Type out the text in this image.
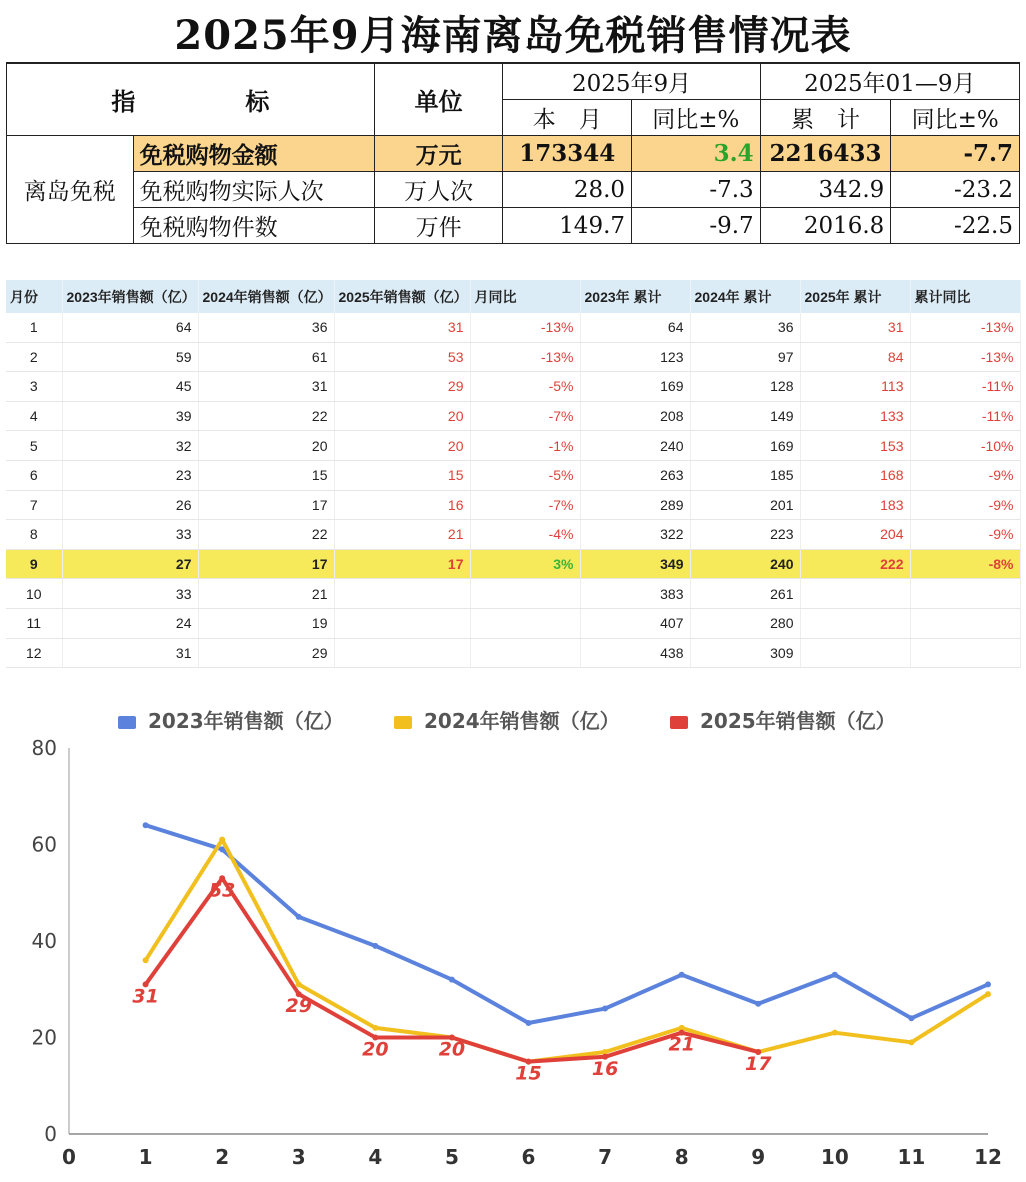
2025年9月海南离岛免税销售情况表
指 标		单位	2025年9月		2025年01—9月	
			本　月	同比±%	累　计	同比±%
离岛免税	免税购物金额	万元	173344	3.4	2216433	-7.7
	免税购物实际人次	万人次	28.0	-7.3	342.9	-23.2
	免税购物件数	万件	149.7	-9.7	2016.8	-22.5
月份	2023年销售额（亿）	2024年销售额（亿）	2025年销售额（亿）	月同比	2023年 累计	2024年 累计	2025年 累计	累计同比
1	64	36	31	-13%	64	36	31	-13%
2	59	61	53	-13%	123	97	84	-13%
3	45	31	29	-5%	169	128	113	-11%
4	39	22	20	-7%	208	149	133	-11%
5	32	20	20	-1%	240	169	153	-10%
6	23	15	15	-5%	263	185	168	-9%
7	26	17	16	-7%	289	201	183	-9%
8	33	22	21	-4%	322	223	204	-9%
9	27	17	17	3%	349	240	222	-8%
10	33	21			383	261		
11	24	19			407	280		
12	31	29			438	309		
2023年销售额（亿）	2024年销售额（亿）	2025年销售额（亿）
0
20
40
60
80
0	1	2	3	4	5	6	7	8	9	10 11 12
31
53
29
20	20
15	16
21
17
